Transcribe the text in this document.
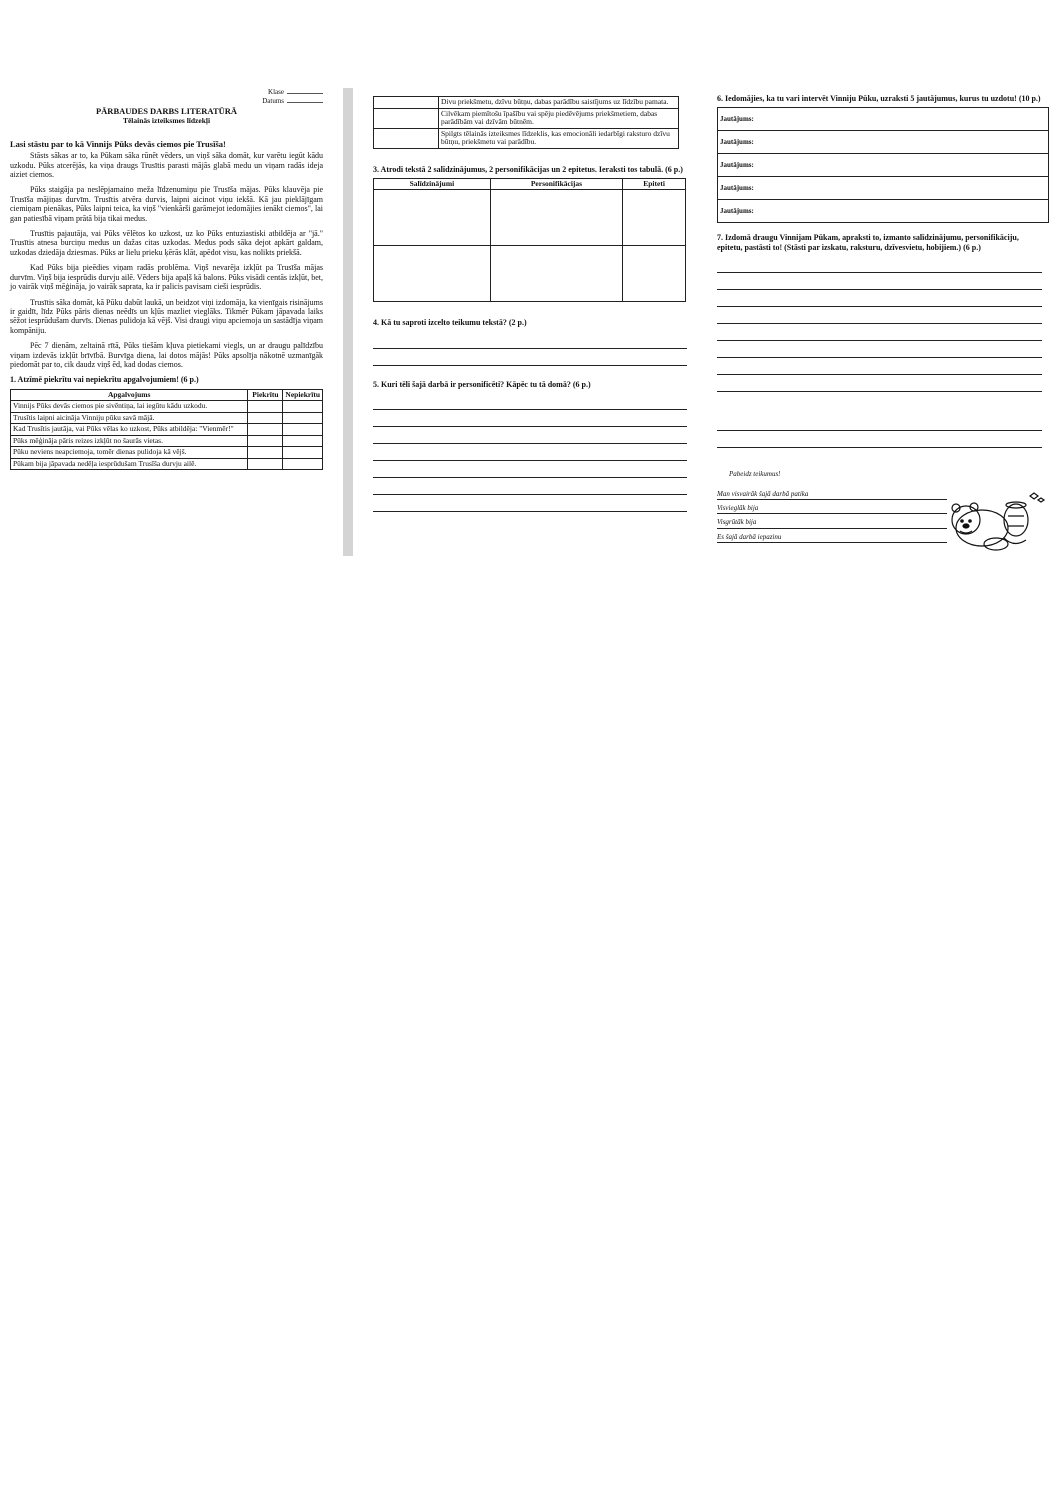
Klase
Datums
PĀRBAUDES DARBS LITERATŪRĀ
Tēlainās izteiksmes līdzekļi
Lasi stāstu par to kā Vinnijs Pūks devās ciemos pie Trusīša!

Stāsts sākas ar to, ka Pūkam sāka rūnēt vēders, un viņš sāka domāt, kur varētu iegūt kādu uzkodu. Pūks atcerējās, ka viņa draugs Trusītis parasti mājās glabā medu un viņam radās ideja aiziet ciemos.

Pūks staigāja pa neslēpjamaino meža līdzenumiņu pie Trusīša mājas. Pūks klauvēja pie Trusīša mājiņas durvīm. Trusītis atvēra durvis, laipni aicinot viņu iekšā. Kā jau pieklājīgam ciemiņam pienākas, Pūks laipni teica, ka viņš "vienkārši garāmejot iedomājies ienākt ciemos", lai gan patiesībā viņam prātā bija tikai medus.

Trusītis pajautāja, vai Pūks vēlētos ko uzkost, uz ko Pūks entuziastiski atbildēja ar "jā." Trusītis atnesa burciņu medus un dažas citas uzkodas. Medus pods sāka dejot apkārt galdam, uzkodas dziedāja dziesmas. Pūks ar lielu prieku ķērās klāt, apēdot visu, kas nolikts priekšā.

Kad Pūks bija pieēdies viņam radās problēma. Viņš nevarēja izkļūt pa Trusīša mājas durvīm. Viņš bija iesprūdis durvju ailē. Vēders bija apaļš kā balons. Pūks visādi centās izkļūt, bet, jo vairāk viņš mēģināja, jo vairāk saprata, ka ir palicis pavisam cieši iesprūdis.

Trusītis sāka domāt, kā Pūku dabūt laukā, un beidzot viņi izdomāja, ka vienīgais risinājums ir gaidīt, līdz Pūks pāris dienas neēdīs un kļūs mazliet vieglāks. Tikmēr Pūkam jāpavada laiks sēžot iesprūdušam durvīs. Dienas pulidoja kā vējš. Visi draugi viņu apciemoja un sastādīja viņam kompāniju.

Pēc 7 dienām, zeltainā rītā, Pūks tiešām kļuva pietiekami viegls, un ar draugu palīdzību viņam izdevās izkļūt brīvībā. Burvīga diena, lai dotos mājās! Pūks apsolīja nākotnē uzmanīgāk piedomāt par to, cik daudz viņš ēd, kad dodas ciemos.

1. Atzīmē piekrītu vai nepiekrītu apgalvojumiem! (6 p.)
Apgalvojums	Piekrītu	Nepiekrītu
Vinnijs Pūks devās ciemos pie sivēntiņa, lai iegūtu kādu uzkodu.		
Trusītis laipni aicināja Vinniju pūku savā mājā.		
Kad Trusītis jautāja, vai Pūks vēlas ko uzkost, Pūks atbildēja: "Vienmēr!"		
Pūks mēģināja pāris reizes izkļūt no šaurās vietas.		
Pūku neviens neapciemoja, tomēr dienas pulidoja kā vējš.		
Pūkam bija jāpavada nedēļa iesprūdušam Trusīša durvju ailē.		
	Divu priekšmetu, dzīvu būtņu, dabas parādību saistījums uz līdzību pamata.
	Cilvēkam piemītošu īpašību vai spēju piedēvējums priekšmetiem, dabas parādībām vai dzīvām būtnēm.
	Spilgts tēlainās izteiksmes līdzeklis, kas emocionāli iedarbīgi raksturo dzīvu būtņu, priekšmetu vai parādību.
3. Atrodi tekstā 2 salīdzinājumus, 2 personifikācijas un 2 epitetus. Ieraksti tos tabulā. (6 p.)
Salīdzinājumi	Personifikācijas	Epiteti

4. Kā tu saproti izcelto teikumu tekstā? (2 p.)
5. Kuri tēli šajā darbā ir personificēti? Kāpēc tu tā domā? (6 p.)
6. Iedomājies, ka tu vari intervēt Vinniju Pūku, uzraksti 5 jautājumus, kurus tu uzdotu! (10 p.)
Jautājums:
Jautājums:
Jautājums:
Jautājums:
Jautājums:
7. Izdomā draugu Vinnijam Pūkam, apraksti to, izmanto salīdzinājumu, personifikāciju, epitetu, pastāsti to! (Stāsti par izskatu, raksturu, dzīvesvietu, hobijiem.) (6 p.)
Pabeidz teikumus!
Man visvairāk šajā darbā patika
Visvieglāk bija
Visgrūtāk bija
Es šajā darbā iepazinu
